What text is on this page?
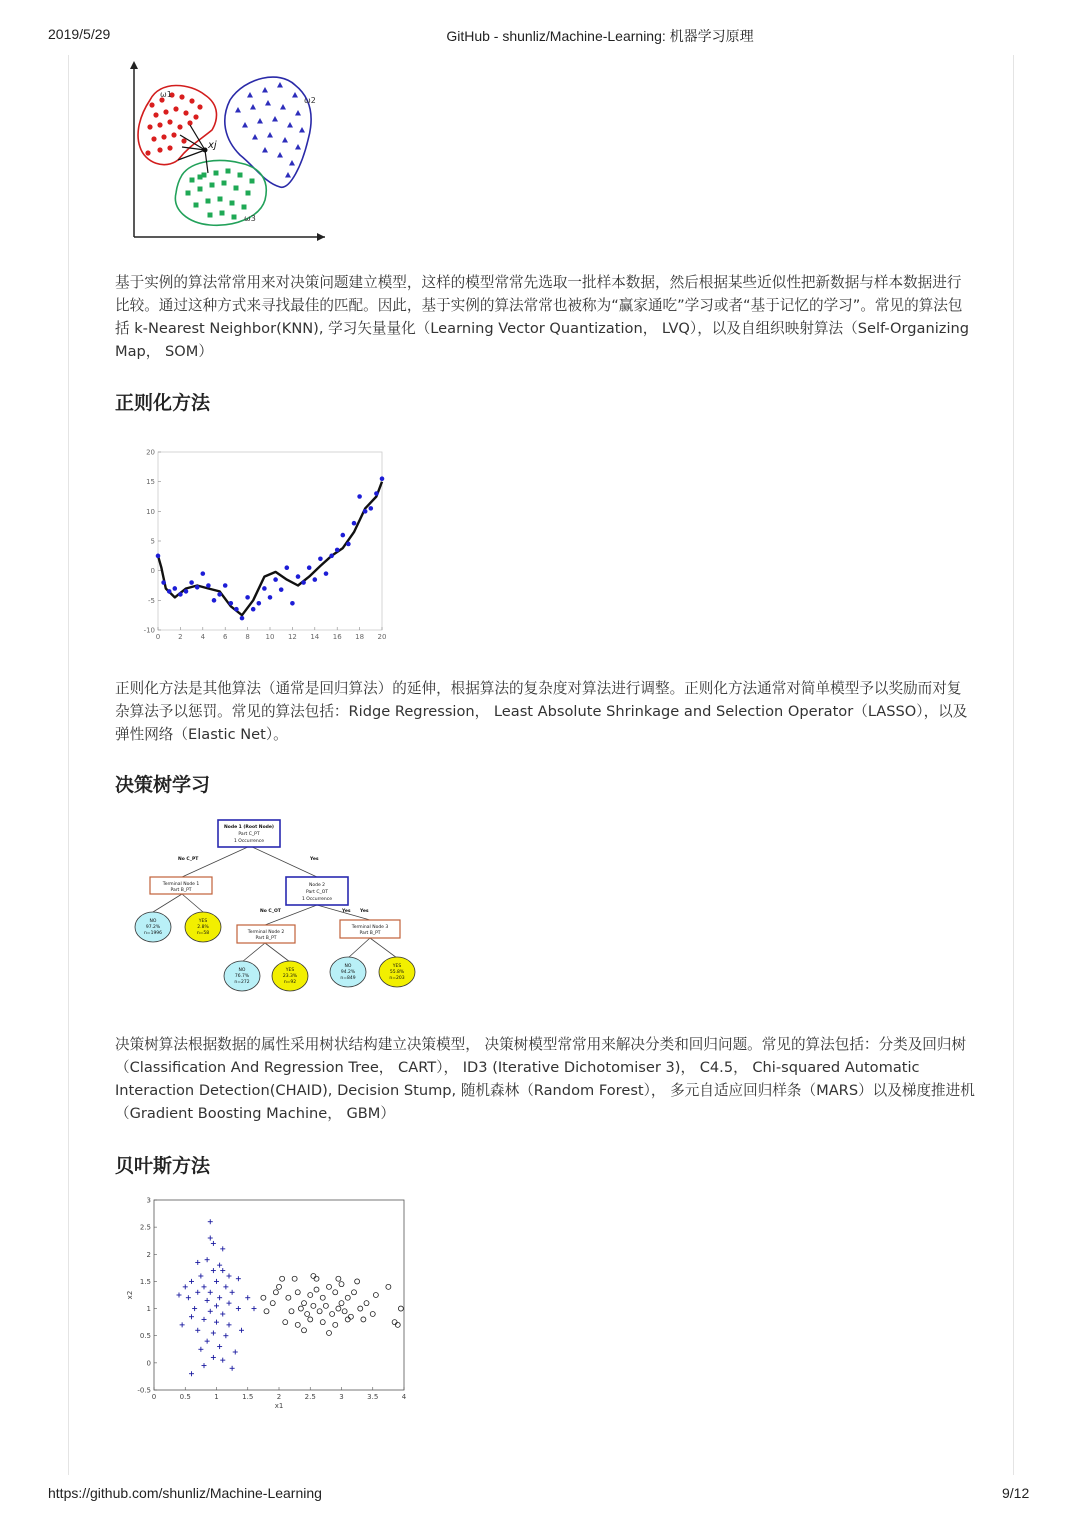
2019/5/29	GitHub - shunliz/Machine-Learning: 机器学习原理
https://github.com/shunliz/Machine-Learning	9/12
ω1
ω2
ω3
xj

基于实例的算法常常用来对决策问题建立模型，这样的模型常常先选取一批样本数据，然后根据某些近似性把新数据与样本数据进行比较。通过这种方式来寻找最佳的匹配。因此，基于实例的算法常常也被称为“赢家通吃”学习或者“基于记忆的学习”。常见的算法包括 k-Nearest Neighbor(KNN), 学习矢量量化（Learning Vector Quantization， LVQ），以及自组织映射算法（Self-Organizing Map， SOM）

正则化方法
-10
-5
0
5
10
15
20
0	2	4	6	8 10 12 14 16 18 20

正则化方法是其他算法（通常是回归算法）的延伸，根据算法的复杂度对算法进行调整。正则化方法通常对简单模型予以奖励而对复杂算法予以惩罚。常见的算法包括：Ridge Regression， Least Absolute Shrinkage and Selection Operator（LASSO），以及弹性网络（Elastic Net）。

决策树学习
Node 1 (Root Node)
Part C_PT
1 Occurrence
No C_PT	Yes
Terminal Node 1
Part B_PT
Node 2
Part C_OT
1 Occurrence
No C_OT	Yes Yes
Terminal Node 2
Part B_PT
Terminal Node 3
Part B_PT
NO
97.2%
n=1996
YES
2.8%
n=58
NO
76.7%
n=272
YES
23.3%
n=92
NO
94.2%
n=849
YES
55.8%
n=203

决策树算法根据数据的属性采用树状结构建立决策模型， 决策树模型常常用来解决分类和回归问题。常见的算法包括：分类及回归树（Classification And Regression Tree， CART）， ID3 (Iterative Dichotomiser 3)， C4.5， Chi-squared Automatic Interaction Detection(CHAID), Decision Stump, 随机森林（Random Forest）， 多元自适应回归样条（MARS）以及梯度推进机（Gradient Boosting Machine， GBM）

贝叶斯方法
-0.5
0
0.5
1
1.5
2
2.5
3
0	0.5	1	1.5	2	2.5	3	3.5	4
x1
x2
